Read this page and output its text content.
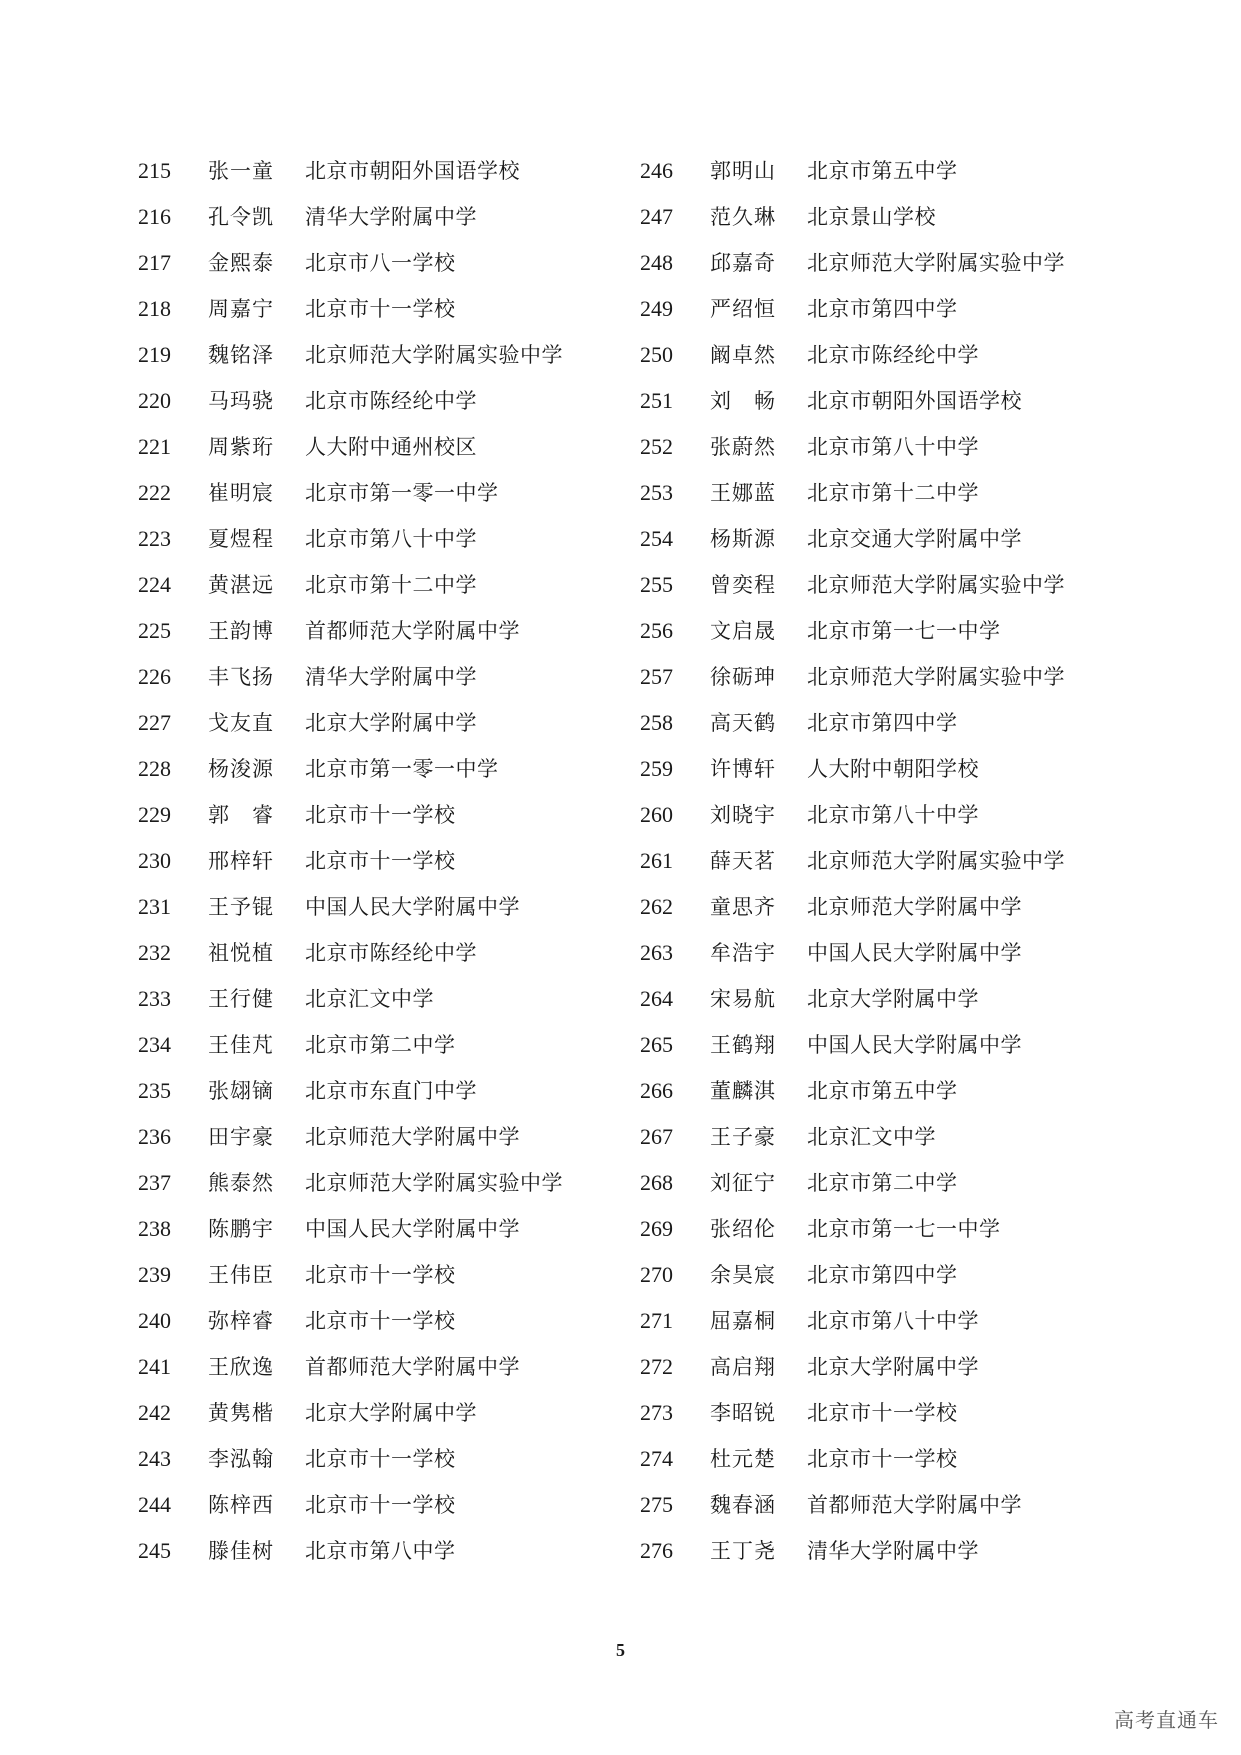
215	张一童	北京市朝阳外国语学校
216	孔令凯	清华大学附属中学
217	金熙泰	北京市八一学校
218	周嘉宁	北京市十一学校
219	魏铭泽	北京师范大学附属实验中学
220	马玛骁	北京市陈经纶中学
221	周紫珩	人大附中通州校区
222	崔明宸	北京市第一零一中学
223	夏煜程	北京市第八十中学
224	黄湛远	北京市第十二中学
225	王韵博	首都师范大学附属中学
226	丰飞扬	清华大学附属中学
227	戈友直	北京大学附属中学
228	杨浚源	北京市第一零一中学
229	郭　睿	北京市十一学校
230	邢梓轩	北京市十一学校
231	王予锟	中国人民大学附属中学
232	祖悦植	北京市陈经纶中学
233	王行健	北京汇文中学
234	王佳芃	北京市第二中学
235	张翃镝	北京市东直门中学
236	田宇豪	北京师范大学附属中学
237	熊泰然	北京师范大学附属实验中学
238	陈鹏宇	中国人民大学附属中学
239	王伟臣	北京市十一学校
240	弥梓睿	北京市十一学校
241	王欣逸	首都师范大学附属中学
242	黄隽楷	北京大学附属中学
243	李泓翰	北京市十一学校
244	陈梓西	北京市十一学校
245	滕佳树	北京市第八中学
246	郭明山	北京市第五中学
247	范久琳	北京景山学校
248	邱嘉奇	北京师范大学附属实验中学
249	严绍恒	北京市第四中学
250	阚卓然	北京市陈经纶中学
251	刘　畅	北京市朝阳外国语学校
252	张蔚然	北京市第八十中学
253	王娜蓝	北京市第十二中学
254	杨斯源	北京交通大学附属中学
255	曾奕程	北京师范大学附属实验中学
256	文启晟	北京市第一七一中学
257	徐砺珅	北京师范大学附属实验中学
258	高天鹤	北京市第四中学
259	许博轩	人大附中朝阳学校
260	刘晓宇	北京市第八十中学
261	薛天茗	北京师范大学附属实验中学
262	童思齐	北京师范大学附属中学
263	牟浩宇	中国人民大学附属中学
264	宋易航	北京大学附属中学
265	王鹤翔	中国人民大学附属中学
266	董麟淇	北京市第五中学
267	王子豪	北京汇文中学
268	刘征宁	北京市第二中学
269	张绍伦	北京市第一七一中学
270	余昊宸	北京市第四中学
271	屈嘉桐	北京市第八十中学
272	高启翔	北京大学附属中学
273	李昭锐	北京市十一学校
274	杜元楚	北京市十一学校
275	魏春涵	首都师范大学附属中学
276	王丁尧	清华大学附属中学
5
高考直通车
